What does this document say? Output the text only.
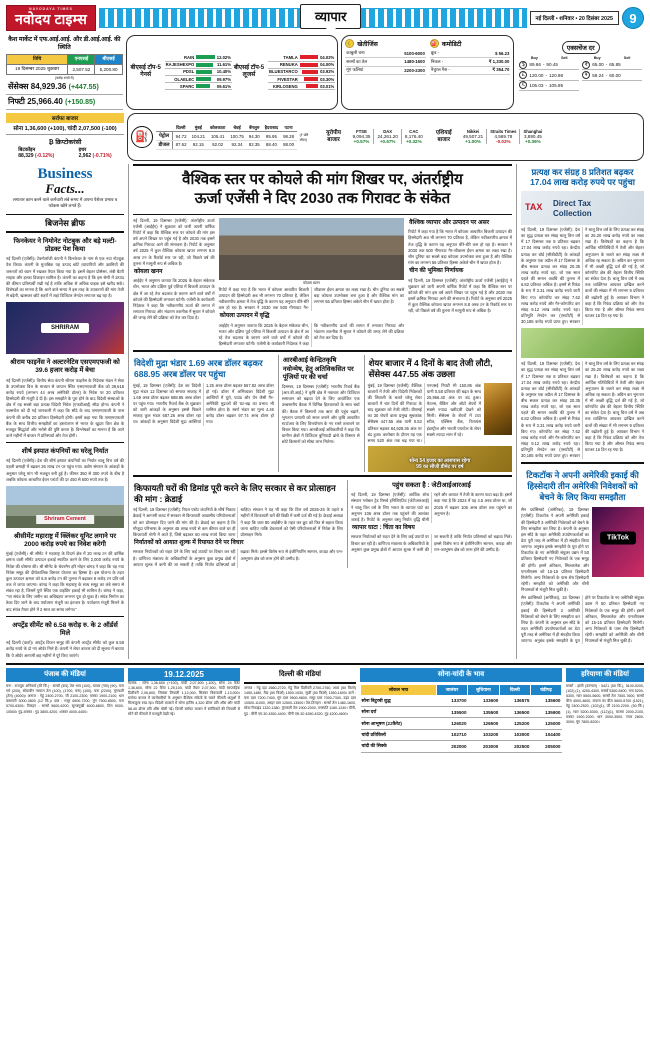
NAVODAYA TIMES
नवोदय टाइम्स	नई दिल्ली • शनिवार • 20 दिसंबर 2025	9
व्यापार
कैश मार्केट में एफ.आई.आई. और डी.आई.आई. की स्थिति
तिथि	एनएसई	बीएसई
19 दिसम्बर 2025 शुक्रवार	2,507.52	5,200.80
(करोड़ रुपये में)
सेंसेक्स 84,929.36 (+447.55)
निफ्टी 25,966.40 (+150.85)
बीएसई टॉप-5 गेनर्स
RAIN		12.02%
RAJESHEXPO		11.61%
PDSL		10.40%
OLAELEC		09.97%
SPARC		09.61%
बीएसई टॉप-5 लूजर्स
TAMLA		04.02%
RENUKA		04.00%
BLUESTARCO		03.92%
FIVESTAR		03.30%
KIRLOSENG		03.01%
🌾 खेतीजिंस
काबुली चना	5100-6000
सरसों का तेल	1480-1600
मूंग फलियां	2200-2300
⛽ कमोडिटी
क्रूड -	$ 56.23
निकल -	₹ 1,330.00
नैचुरल गैस -	₹ 354.70
एक्सचेंज दर
Buy	Sell
$	89.66 - 90.45
£	120.00 - 120.98
€	105.03 - 105.95
Buy	Sell
₹ 65.00 - 65.85
¥	59.24 - 60.00
सर्राफा बाजार
सोना 1,36,600 (+100), चांदी 2,07,500 (-100)
₿ क्रिप्टोकरंसी
बिटकॉइन
88,329 (-0.12%)
इथर
2,962 (-0.71%)
⛽
	दिल्ली	मुंबई	कोलकाता	चेन्नई	बेंगलुरु	हैदराबाद	पटना
पेट्रोल	94.72	104.21	105.41	100.75	94.30	95.95	98.28
डीजल	87.62	92.15	92.02	92.34	82.35	88.40	88.00
(₹ प्रति लीटर)
यूरोपीय बाजार
FTSE
9,094.35
+0.57%
DAX
24,261.20
+0.67%
CAC
8,176.40
+0.32%
एशियाई बाजार
Nikkei
49,507.21
+1.00%
Straits Times
4,569.78
-0.02%
Shanghai
3,890.45
+0.36%
Business
Facts...
लगातार काम करने वाले कर्मचारी लंबे समय में अपना पेशेवर प्रभाव व फोकस खोने लगते हैं।
बिजनेस ब्रीफ
फिनकेयर ने निमोनेट नोटबुक और बड़े मल्टी-प्रोडक्ट पेश किया
नई दिल्ली (एजेंसी)। टेक्नोलॉजी कंपनी ने फिनकेयर के नाम से एक नया नोटबुक पेश किया। कंपनी के मुताबिक यह उत्पाद छोटे व्यापारियों और उद्यमियों की जरूरतों को ध्यान में रखकर तैयार किया गया है। इसमें बेहतर प्रोसेसर, लंबी बैटरी लाइफ और हल्का डिजाइन शामिल है। कंपनी का कहना है कि इस श्रेणी में उत्पाद की कीमत प्रतिस्पर्धी रखी गई है ताकि अधिक से अधिक ग्राहक इसे खरीद सकें। विशेषज्ञों का मानना है कि आने वाले समय में इस तरह के उपकरणों की मांग तेजी से बढ़ेगी, खासकर छोटे शहरों में जहां डिजिटल लेनदेन लगातार बढ़ रहा है।
SHRIRAM
श्रीराम फाइनेंस ने अल्टरनेटिव एसएमएफजी को 39.6 हजार करोड़ में बेचा
नई दिल्ली (एजेंसी)। वित्तीय सेवा कंपनी श्रीराम फाइनेंस के निदेशक मंडल ने सेवा के उपभोक्ता वित्त के माध्यम से जापान स्थित एसएमएफजी बैंक को 39,618 करोड़ रुपये (लगभग 44 अरब अमेरिकी डॉलर) के निवेश पर 20 प्रतिशत हिस्सेदारी की मंजूरी दे दी है। इस समझौते के पूरा होने के बाद विदेशी संस्थाओं के क्षेत्र में यह सबसे बड़ा प्रत्यक्ष विदेशी निवेश (एफडीआई) सौदा होगा। कंपनी ने एक्सचेंज को दी गई जानकारी में कहा कि सौदे के बाद एसएमएफजी के पास कंपनी की करीब 20 प्रतिशत हिस्सेदारी होगी। इसमें कहा गया कि एसएमएफजी बैंक के साथ वित्तीय समझौतों का हस्तांतरण से भारत के खुदरा वित्त क्षेत्र के मजबूत सिद्धांतों और भरोसे की पुष्टि करता है। विश्लेषकों का मानना है कि आने वाले महीनों में बाजार में प्रतिस्पर्धा और तेज होगी।
शीर्ष इस्पात कंपनियों का घरेलू निर्यात
नई दिल्ली (एजेंसी)। देश की शीर्ष इस्पात कंपनियों का निर्यात चालू वित्त वर्ष की पहली छमाही में बढ़कर 26 लाख टन पर पहुंच गया। उद्योग संगठन के आंकड़ों के अनुसार घरेलू मांग भी मजबूत बनी हुई है। कीमत 350 से 300 रुपये के बीच है जबकि कोयला आधारित ईंधन प्लांटों की दर 450 से 600 रुपये तक है।
Shriram Cement
श्रीसीमेंट महाराष्ट्र में क्लिंकर यूनिट लगाने पर 2000 करोड़ रुपये का निवेश करेगी
मुंबई (एजेंसी)। श्री सीमेंट ने महाराष्ट्र के विदर्भ क्षेत्र में 20 लाख टन की वार्षिक क्षमता वाली सीमेंट उत्पादन इकाई स्थापित करने के लिए 2,000 करोड़ रुपये के निवेश की घोषणा की। श्री सीमेंट के चेयरमैन हरि मोहन बांगड़ ने कहा कि यह नया निवेश समूह की दीर्घकालिक विस्तार योजना का हिस्सा है। इस योजना के तहत कुल उत्पादन क्षमता को 6.8 करोड़ टन की तुलना में बढ़ाकर 8 करोड़ टन प्रति वर्ष तक ले जाया जाएगा। बांगड़ ने कहा कि महाराष्ट्र के साथ समूह का लंबे समय से संबंध रहा है, जिसमें पुणे स्थित एक ग्राइंडिंग इकाई भी शामिल है। बांगड़ ने कहा, "नए संयंत्र के लिए जमीन का अधिग्रहण लगभग पूरा हो चुका है। संयंत्र निर्माण का ठेका दिए जाने के बाद पर्यावरण मंजूरी का इंतजार है। पर्यावरण मंजूरी मिलने के बाद संयंत्र तैयार होने में 2 साल का समय लगेगा।"
अपट्रेंड सीमेंट को 6.58 करोड़ रु. के 2 ऑर्डर्स मिले
नई दिल्ली (वार्ता)। अपट्रेंड विजन समूह की कंपनी अपट्रेंड सीमेंट को कुल 6.58 करोड़ रुपये के दो नए ऑर्डर मिले हैं। कंपनी ने शेयर बाजार को दी सूचना में बताया कि ये ऑर्डर आगामी छह महीनों में पूरे किए जाएंगे।
वैश्विक स्तर पर कोयले की मांग शिखर पर, अंतर्राष्ट्रीय
ऊर्जा एजेंसी ने दिए 2030 तक गिरावट के संकेत
नई दिल्ली, 19 दिसम्बर (एजेंसी): अंतर्राष्ट्रीय ऊर्जा एजेंसी (आईईए) ने शुक्रवार को जारी अपनी वार्षिक रिपोर्ट में कहा कि वैश्विक स्तर पर कोयले की मांग इस वर्ष अपने शिखर पर पहुंच गई है और 2030 तक इसमें क्रमिक गिरावट आने की संभावना है। रिपोर्ट के अनुसार वर्ष 2025 में कुल वैश्विक कोयला खपत लगभग 8.8 अरब टन के रिकॉर्ड स्तर पर रही, जो पिछले वर्ष की तुलना में मामूली रूप से अधिक है।
कोयला खनन
आईईए ने अनुमान जताया कि 2026 के बेहतर संकेतक चीन, भारत और दक्षिण पूर्व एशिया में बिजली उत्पादन के क्षेत्र में आ रहे तेज बदलाव के कारण आने वाले वर्षों में कोयले की हिस्सेदारी लगातार घटेगी। एजेंसी के कार्यकारी निदेशक ने कहा कि नवीकरणीय ऊर्जा की लागत में लगातार गिरावट और भंडारण तकनीक में सुधार ने कोयले की जगह लेने की प्रक्रिया को तेज कर दिया है।
कोयला खनन
रिपोर्ट में कहा गया है कि भारत में कोयला आधारित बिजली उत्पादन की हिस्सेदारी अब भी लगभग 70 प्रतिशत है, लेकिन नवीकरणीय क्षमता में तेज वृद्धि के कारण यह अनुपात धीरे-धीरे कम हो रहा है। सरकार ने 2030 तक 500 गीगावाट गैर-जीवाश्म ईंधन क्षमता का लक्ष्य रखा है। चीन दुनिया का सबसे बड़ा कोयला उपभोक्ता बना हुआ है और वैश्विक मांग का लगभग 56 प्रतिशत हिस्सा अकेले चीन में खपत होता है।
कोयला उत्पादन में वृद्धि
आईईए ने अनुमान जताया कि 2026 के बेहतर संकेतक चीन, भारत और दक्षिण पूर्व एशिया में बिजली उत्पादन के क्षेत्र में आ रहे तेज बदलाव के कारण आने वाले वर्षों में कोयले की हिस्सेदारी लगातार घटेगी। एजेंसी के कार्यकारी निदेशक ने कहा कि नवीकरणीय ऊर्जा की लागत में लगातार गिरावट और भंडारण तकनीक में सुधार ने कोयले की जगह लेने की प्रक्रिया को तेज कर दिया है।
वैश्विक व्यापार और उत्पादन पर असर
रिपोर्ट में कहा गया है कि भारत में कोयला आधारित बिजली उत्पादन की हिस्सेदारी अब भी लगभग 70 प्रतिशत है, लेकिन नवीकरणीय क्षमता में तेज वृद्धि के कारण यह अनुपात धीरे-धीरे कम हो रहा है। सरकार ने 2030 तक 500 गीगावाट गैर-जीवाश्म ईंधन क्षमता का लक्ष्य रखा है। चीन दुनिया का सबसे बड़ा कोयला उपभोक्ता बना हुआ है और वैश्विक मांग का लगभग 56 प्रतिशत हिस्सा अकेले चीन में खपत होता है।
चीन की भूमिका निर्णायक
नई दिल्ली, 19 दिसम्बर (एजेंसी): अंतर्राष्ट्रीय ऊर्जा एजेंसी (आईईए) ने शुक्रवार को जारी अपनी वार्षिक रिपोर्ट में कहा कि वैश्विक स्तर पर कोयले की मांग इस वर्ष अपने शिखर पर पहुंच गई है और 2030 तक इसमें क्रमिक गिरावट आने की संभावना है। रिपोर्ट के अनुसार वर्ष 2025 में कुल वैश्विक कोयला खपत लगभग 8.8 अरब टन के रिकॉर्ड स्तर पर रही, जो पिछले वर्ष की तुलना में मामूली रूप से अधिक है।
विदेशी मुद्रा भंडार 1.69 अरब डॉलर बढ़कर 688.95 अरब डॉलर पर पहुंचा
मुंबई, 19 दिसम्बर (एजेंसी): देश का विदेशी मुद्रा भंडार 12 दिसम्बर को समाप्त सप्ताह में 1.69 अरब डॉलर बढ़कर 688.95 अरब डॉलर पर पहुंच गया। भारतीय रिजर्व बैंक के शुक्रवार को जारी आंकड़ों के अनुसार इससे पिछले सप्ताह कुल भंडार 687.26 अरब डॉलर रहा था। आंकड़ों के अनुसार विदेशी मुद्रा आस्तियां 1.25 अरब डॉलर बढ़कर 567.82 अरब डॉलर हो गईं। डॉलर में अभिव्यक्त विदेशी मुद्रा आस्तियों में यूरो, पाउंड और येन जैसी गैर-अमेरिकी मुद्राओं की घट-बढ़ का प्रभाव भी शामिल होता है। स्वर्ण भंडार का मूल्य 4.46 करोड़ डॉलर बढ़कर 97.74 अरब डॉलर हो गया।
आरबीआई केन्द्रितकृषि नवोन्मेष, हेतु अतिविकसित पर पूंजियों पर की चर्चा
दिसम्बर, 19 दिसम्बर (एजेंसी): भारतीय रिजर्व बैंक (आर.बी.आई.) ने कृषि क्षेत्र में नवाचार और डिजिटल समाधान को बढ़ावा देने के लिए आयोजित एक उच्चस्तरीय बैठक में विभिन्न हितधारकों के साथ चर्चा की। बैठक में किसानों तक ऋण की पहुंच बढ़ाने, भुगतान प्रणाली को सरल बनाने और कृषि आधारित स्टार्टअप के लिए वित्तपोषण के नए रास्ते तलाशने पर विचार किया गया। आरबीआई अधिकारियों ने कहा कि ग्रामीण क्षेत्रों में डिजिटल बुनियादी ढांचे के विस्तार से छोटे किसानों को सीधा लाभ मिलेगा।
शेयर बाजार में 4 दिनों के बाद तेजी लौटी, सेंसेक्स 447.55 अंक उछला
मुंबई, 19 दिसम्बर (एजेंसी): वैश्विक बाजारों में तेजी और विदेशी निवेशकों की लिवाली के चलते घरेलू शेयर बाजारों में चार दिनों की गिरावट के बाद शुक्रवार को तेजी लौटी। बीएसई का 30 शेयरों वाला प्रमुख सूचकांक सेंसेक्स 447.55 अंक यानी 0.53 प्रतिशत चढ़कर 84,929.36 अंक पर बंद हुआ। कारोबार के दौरान यह एक समय 520 अंक तक चढ़ गया था। एनएसई निफ्टी भी 150.85 अंक यानी 0.58 प्रतिशत की बढ़त के साथ 25,966.40 अंक पर बंद हुआ। मेटल्स, बैंकिंग और ऑटो शेयरों में सबसे ज्यादा खरीदारी देखने को मिली। सेंसेक्स के शेयरों में टाटा स्टील, एक्सिस बैंक, रिलायंस इंडस्ट्रीज और भारती एयरटेल के शेयर सबसे ज्यादा लाभ में रहे।
सोना 54 हजार का आसपास रहेगा
99 का सीजी डीमेट पर वर्ष
किफायती घरों की डिमांड पूरी करने के लिए सरकार से कर प्रोत्साहन की मांग : क्रेडाई
नई दिल्ली, 19 दिसम्बर (एजेंसी): रियल एस्टेट कंपनियों के शीर्ष निकाय क्रेडाई ने आगामी बजट में सरकार से किफायती आवासीय परियोजनाओं को कर प्रोत्साहन दिए जाने की मांग की है। क्रेडाई का कहना है कि मौजूदा परिभाषा के अनुसार 45 लाख रुपये से कम कीमत वाले घर ही किफायती श्रेणी में आते हैं, जिसे बढ़ाकर 60 लाख रुपये किया जाना चाहिए। संगठन ने यह भी कहा कि वित्त वर्ष 2025-26 के पहले 9 महीनों में किफायती घरों की बिक्री में कमी दर्ज की गई है। क्रेडाई अध्यक्ष ने कहा कि धारा 80 आईबीए के तहत कर छूट को फिर से बहाल किया जाना चाहिए ताकि डेवलपर्स को ऐसी परियोजनाओं में निवेश के लिए प्रोत्साहन मिले।
निर्यातकों को आयात शुल्क में रियायत देने पर विचार
सरकार निर्यातकों को राहत देने के लिए कई उपायों पर विचार कर रही है। वाणिज्य मंत्रालय के अधिकारियों के अनुसार कुछ प्रमुख क्षेत्रों में आयात शुल्क में कमी की जा सकती है ताकि निर्यात प्रतिस्पर्धा को बढ़ावा मिले। इससे विशेष रूप से इंजीनियरिंग सामान, कपड़ा और रत्न-आभूषण क्षेत्र को लाभ होने की उम्मीद है।
पहुंच सकता है : जेटीआईआरआई
नई दिल्ली, 19 दिसम्बर (एजेंसी): आर्थिक शोध संस्थान ग्लोबल ट्रेड रिसर्च इनिशिएटिव (जेटीआरआई) ने चालू वित्त वर्ष के लिए भारत के व्यापार घाटे का अनुमान 106 अरब डॉलर तक पहुंचने की आशंका जताई है। रिपोर्ट के अनुसार वस्तु निर्यात वृद्धि धीमी रहने और आयात में तेजी के कारण घाटा बढ़ा है। इसमें कहा गया है कि 2024 में यह 4.5 अरब डॉलर था, जो 2025 में बढ़कर 106 अरब डॉलर तक पहुंचने का अनुमान है।
व्यापार घाटा : चिंता का विषय
सरकार निर्यातकों को राहत देने के लिए कई उपायों पर विचार कर रही है। वाणिज्य मंत्रालय के अधिकारियों के अनुसार कुछ प्रमुख क्षेत्रों में आयात शुल्क में कमी की जा सकती है ताकि निर्यात प्रतिस्पर्धा को बढ़ावा मिले। इससे विशेष रूप से इंजीनियरिंग सामान, कपड़ा और रत्न-आभूषण क्षेत्र को लाभ होने की उम्मीद है।
प्रत्यक्ष कर संग्रह 8 प्रतिशत बढ़कर 17.04 लाख करोड़ रुपये पर पहुंचा
TAX Direct Tax
Collection
नई दिल्ली, 19 दिसम्बर (एजेंसी): देश का शुद्ध प्रत्यक्ष कर संग्रह चालू वित्त वर्ष में 17 दिसम्बर तक 8 प्रतिशत बढ़कर 17.04 लाख करोड़ रुपये रहा। केन्द्रीय प्रत्यक्ष कर बोर्ड (सीबीडीटी) के आंकड़ों के अनुसार एक अप्रैल से 17 दिसम्बर के बीच सकल प्रत्यक्ष कर संग्रह 20.35 लाख करोड़ रुपये रहा, जो एक साल पहले की समान अवधि की तुलना में 6.82 प्रतिशत अधिक है। इसमें से रिफंड के रूप में 3.31 लाख करोड़ रुपये जारी किए गए। कॉरपोरेट कर संग्रह 7.62 लाख करोड़ रुपये और गैर-कॉरपोरेट कर संग्रह 9.12 लाख करोड़ रुपये रहा। प्रतिभूति लेनदेन कर (एसटीटी) से 30,185 करोड़ रुपये प्राप्त हुए। सरकार ने चालू वित्त वर्ष के लिए प्रत्यक्ष कर संग्रह का 25.20 लाख करोड़ रुपये का लक्ष्य रखा है। विशेषज्ञों का कहना है कि आर्थिक गतिविधियों में तेजी और बेहतर अनुपालन के चलते कर संग्रह लक्ष्य से अधिक रह सकता है। अग्रिम कर भुगतान में भी अच्छी वृद्धि दर्ज की गई है, जो कॉरपोरेट क्षेत्र की बेहतर वित्तीय स्थिति का संकेत देता है। चालू वित्त वर्ष में अब तक व्यक्तिगत आयकर दाखिल करने वालों की संख्या में भी लगभग 9 प्रतिशत की बढ़ोतरी हुई है। आयकर विभाग ने कहा है कि रिफंड प्रक्रिया को और तेज किया गया है और औसत रिफंड समय घटकर 16 दिन रह गया है।
नई दिल्ली, 19 दिसम्बर (एजेंसी): देश का शुद्ध प्रत्यक्ष कर संग्रह चालू वित्त वर्ष में 17 दिसम्बर तक 8 प्रतिशत बढ़कर 17.04 लाख करोड़ रुपये रहा। केन्द्रीय प्रत्यक्ष कर बोर्ड (सीबीडीटी) के आंकड़ों के अनुसार एक अप्रैल से 17 दिसम्बर के बीच सकल प्रत्यक्ष कर संग्रह 20.35 लाख करोड़ रुपये रहा, जो एक साल पहले की समान अवधि की तुलना में 6.82 प्रतिशत अधिक है। इसमें से रिफंड के रूप में 3.31 लाख करोड़ रुपये जारी किए गए। कॉरपोरेट कर संग्रह 7.62 लाख करोड़ रुपये और गैर-कॉरपोरेट कर संग्रह 9.12 लाख करोड़ रुपये रहा। प्रतिभूति लेनदेन कर (एसटीटी) से 30,185 करोड़ रुपये प्राप्त हुए। सरकार ने चालू वित्त वर्ष के लिए प्रत्यक्ष कर संग्रह का 25.20 लाख करोड़ रुपये का लक्ष्य रखा है। विशेषज्ञों का कहना है कि आर्थिक गतिविधियों में तेजी और बेहतर अनुपालन के चलते कर संग्रह लक्ष्य से अधिक रह सकता है। अग्रिम कर भुगतान में भी अच्छी वृद्धि दर्ज की गई है, जो कॉरपोरेट क्षेत्र की बेहतर वित्तीय स्थिति का संकेत देता है। चालू वित्त वर्ष में अब तक व्यक्तिगत आयकर दाखिल करने वालों की संख्या में भी लगभग 9 प्रतिशत की बढ़ोतरी हुई है। आयकर विभाग ने कहा है कि रिफंड प्रक्रिया को और तेज किया गया है और औसत रिफंड समय घटकर 16 दिन रह गया है।
टिकटॉक ने अपनी अमेरिकी इकाई की हिस्सेदारी तीन अमेरिकी निवेशकों को बेचने के लिए किया समझौता
सैन फ्रांसिस्को (अमेरिका), 19 दिसम्बर (एजेंसी): टिकटॉक ने अपनी अमेरिकी इकाई की हिस्सेदारी 3 अमेरिकी निवेशकों को बेचने के लिए समझौता कर लिया है। कंपनी के अनुसार इस सौदे के तहत अमेरिकी उपयोगकर्ताओं का डेटा पूरी तरह से अमेरिका में ही संग्रहीत किया जाएगा। अनुबंध इसके समझौते के पूरा होने पर टिकटॉक के नए अमेरिकी संयुक्त उद्यम में 50 प्रतिशत हिस्सेदारी नए निवेशकों के एक समूह की होगी। इसमें ओरेकल, सिल्वरलेक और एमजीएक्स को 15-15 प्रतिशत हिस्सेदारी मिलेगी। अन्य निवेशकों के पास शेष हिस्सेदारी रहेगी। समझौते को अमेरिकी और चीनी नियामकों से मंजूरी मिल चुकी है।
TikTok
सैन फ्रांसिस्को (अमेरिका), 19 दिसम्बर (एजेंसी): टिकटॉक ने अपनी अमेरिकी इकाई की हिस्सेदारी 3 अमेरिकी निवेशकों को बेचने के लिए समझौता कर लिया है। कंपनी के अनुसार इस सौदे के तहत अमेरिकी उपयोगकर्ताओं का डेटा पूरी तरह से अमेरिका में ही संग्रहीत किया जाएगा। अनुबंध इसके समझौते के पूरा होने पर टिकटॉक के नए अमेरिकी संयुक्त उद्यम में 50 प्रतिशत हिस्सेदारी नए निवेशकों के एक समूह की होगी। इसमें ओरेकल, सिल्वरलेक और एमजीएक्स को 15-15 प्रतिशत हिस्सेदारी मिलेगी। अन्य निवेशकों के पास शेष हिस्सेदारी रहेगी। समझौते को अमेरिकी और चीनी नियामकों से मंजूरी मिल चुकी है।
पंजाब की मंडियां
चना : राजपुरा अनिवार्य (की किं.) : सरसों (कप्र) तेल भाव (100), चावल (नया) (90), चना गर्म (200), सोयाबीन गरमाल तेल (100), (1700, चना) (100), चना (2200), मूंगफली (तेल) (4000)। अनाज : गेहूं 2400-2700, जौ 2100-2300, मक्का 1900-2100, धान बासमती 3000-3800 (12 किं.)। दाल : मसूर 6500-7200, मूंग 7500-8500, चना 5700-6300। तिलहन : सरसों 5600-6200, सूरजमुखी 6000-6800, तिल 9000-10500। गुड़-शक्कर : गुड़ 3800-4200, शक्कर 4000-4400।
19.12.2025
दिनांक : सोना 1,36,600 (+100), चांदी 2,07,500 (-100), सोना 24 कैरेट 1,36,600, सोना 22 कैरेट 1,25,100, चांदी तैयार 2,07,500, चांदी साप्ताहिक डिलीवरी 2,06,800, सिक्का लिवाली 1,12,000, सिक्का बिकवाली 1,13,000। सर्राफा बाजार में कारोबारियों के अनुसार वैश्विक संकेतों के चलते कीमती धातुओं में मिलाजुला रुख रहा। विदेशी बाजारों में सोना हाजिर 4,320 डॉलर प्रति औंस और चांदी 58.40 डॉलर प्रति औंस बोली गई। दिल्ली सर्राफा बाजार में स्टॉकिस्टों की लिवाली से सोने की कीमतों में मजबूती देखी गई।
दिल्ली की मंडियां
अनाज : गेहूं दड़ा 2660-2720, गेहूं मिल डिलीवरी 2700-2760, आटा (50 किलो) 1450-1480, मैदा (50 किलो) 1500-1530, सूजी (50 किलो) 1550-1600। दालें : चना दाल 7200-7400, मूंग दाल 9500-9800, मसूर दाल 7000-7300, उड़द दाल 10500-11000, अरहर दाल 12500-13500। तेल-तिलहन : सरसों तेल 1480-1600, सोया रिफाइंड 1320-1380, मूंगफली तेल 1900-2000, वनस्पति 1180-1240। चीनी-गुड़ : चीनी एम-30 4350-4400, चीनी एस-30 4280-4320, गुड़ 4200-4600।
सोना-चांदी के भाव
लोकल भाव	जालंधर	लुधियाना	दिल्ली	चंडीगढ़
सोना बिटुरबी शुद्ध	133700	133600	136575	135600
सोना दर्रा	135500	135500	136500	135900
सोना आभूषण (22कैरेट)	126020	126500	125200	125000
चांदी प्रतिकिलो	102710	103200	103000	104400
चांदी की सिक्के	202000	203000	202500	205000
हरियाणा की मंडियां
सरसों : हांसी (करनाल) : 5421 (50 किं.), 5100-5200, (102) (1), 4200-4300, सरसों 5350-5400, चना 5200-5300, ग्वार 5500-5600, सरसों तेल 7500-7600, सरसों बीज 4500-4600, कपास का बीज 5600-5700 (1521), गेहूं 2400-2520, (102)(1), जौ 2100-2200, (50 किं.)(1), ग्वार 5200-5300, (112)(1), बाजरा 2000-2100, मक्का 1900-2000, धान 3000-3500, ज्वार 2800-3000, मूंग 7800-8200।
